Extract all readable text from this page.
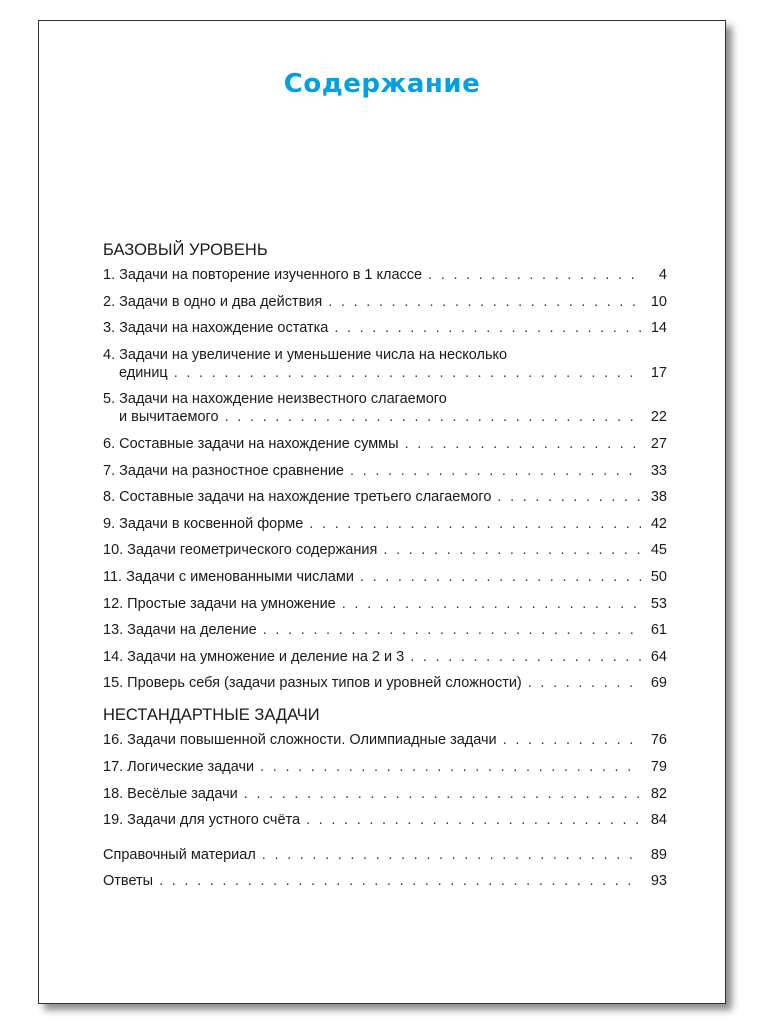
Содержание
БАЗОВЫЙ УРОВЕНЬ
1. Задачи на повторение изученного в 1 классе . . .	4
2. Задачи в одно и два действия . . .	10
3. Задачи на нахождение остатка . . .	14
4. Задачи на увеличение и уменьшение числа на несколько
единиц . . .	17
5. Задачи на нахождение неизвестного слагаемого
и вычитаемого . . .	22
6. Составные задачи на нахождение суммы . . .	27
7. Задачи на разностное сравнение . . .	33
8. Составные задачи на нахождение третьего слагаемого . . .	38
9. Задачи в косвенной форме . . .	42
10. Задачи геометрического содержания . . .	45
11. Задачи с именованными числами . . .	50
12. Простые задачи на умножение . . .	53
13. Задачи на деление . . .	61
14. Задачи на умножение и деление на 2 и 3 . . .	64
15. Проверь себя (задачи разных типов и уровней сложности) . . .	69
НЕСТАНДАРТНЫЕ ЗАДАЧИ
16. Задачи повышенной сложности. Олимпиадные задачи . . .	76
17. Логические задачи . . .	79
18. Весёлые задачи . . .	82
19. Задачи для устного счёта . . .	84
Справочный материал . . .	89
Ответы . . .	93
